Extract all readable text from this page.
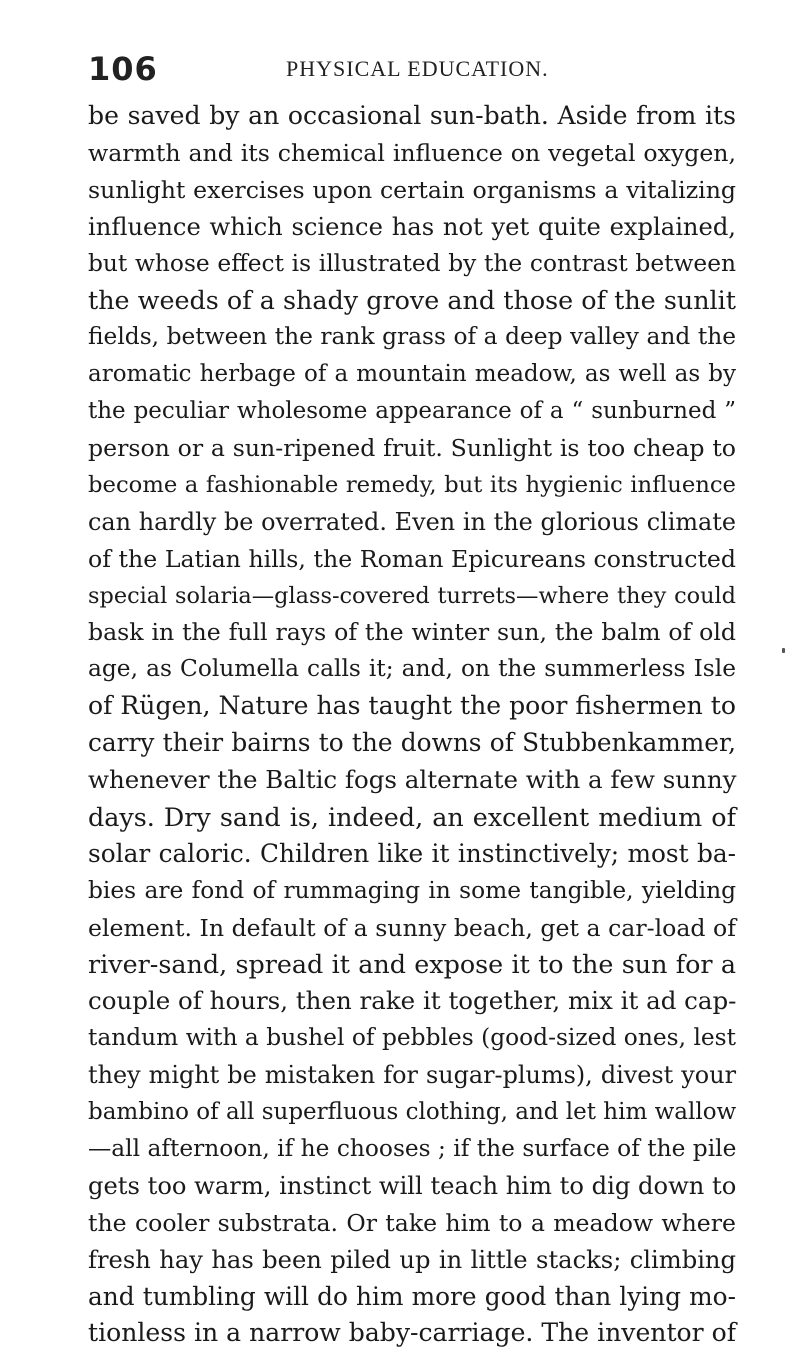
106	PHYSICAL EDUCATION.
be saved by an occasional sun-bath. Aside from its
warmth and its chemical influence on vegetal oxygen,
sunlight exercises upon certain organisms a vitalizing
influence which science has not yet quite explained,
but whose effect is illustrated by the contrast between
the weeds of a shady grove and those of the sunlit
fields, between the rank grass of a deep valley and the
aromatic herbage of a mountain meadow, as well as by
the peculiar wholesome appearance of a “ sunburned ”
person or a sun-ripened fruit. Sunlight is too cheap to
become a fashionable remedy, but its hygienic influence
can hardly be overrated. Even in the glorious climate
of the Latian hills, the Roman Epicureans constructed
special solaria—glass-covered turrets—where they could
bask in the full rays of the winter sun, the balm of old
age, as Columella calls it; and, on the summerless Isle
of Rügen, Nature has taught the poor fishermen to
carry their bairns to the downs of Stubbenkammer,
whenever the Baltic fogs alternate with a few sunny
days. Dry sand is, indeed, an excellent medium of
solar caloric. Children like it instinctively; most ba-
bies are fond of rummaging in some tangible, yielding
element. In default of a sunny beach, get a car-load of
river-sand, spread it and expose it to the sun for a
couple of hours, then rake it together, mix it ad cap-
tandum with a bushel of pebbles (good-sized ones, lest
they might be mistaken for sugar-plums), divest your
bambino of all superfluous clothing, and let him wallow
—all afternoon, if he chooses ; if the surface of the pile
gets too warm, instinct will teach him to dig down to
the cooler substrata. Or take him to a meadow where
fresh hay has been piled up in little stacks; climbing
and tumbling will do him more good than lying mo-
tionless in a narrow baby-carriage. The inventor of
